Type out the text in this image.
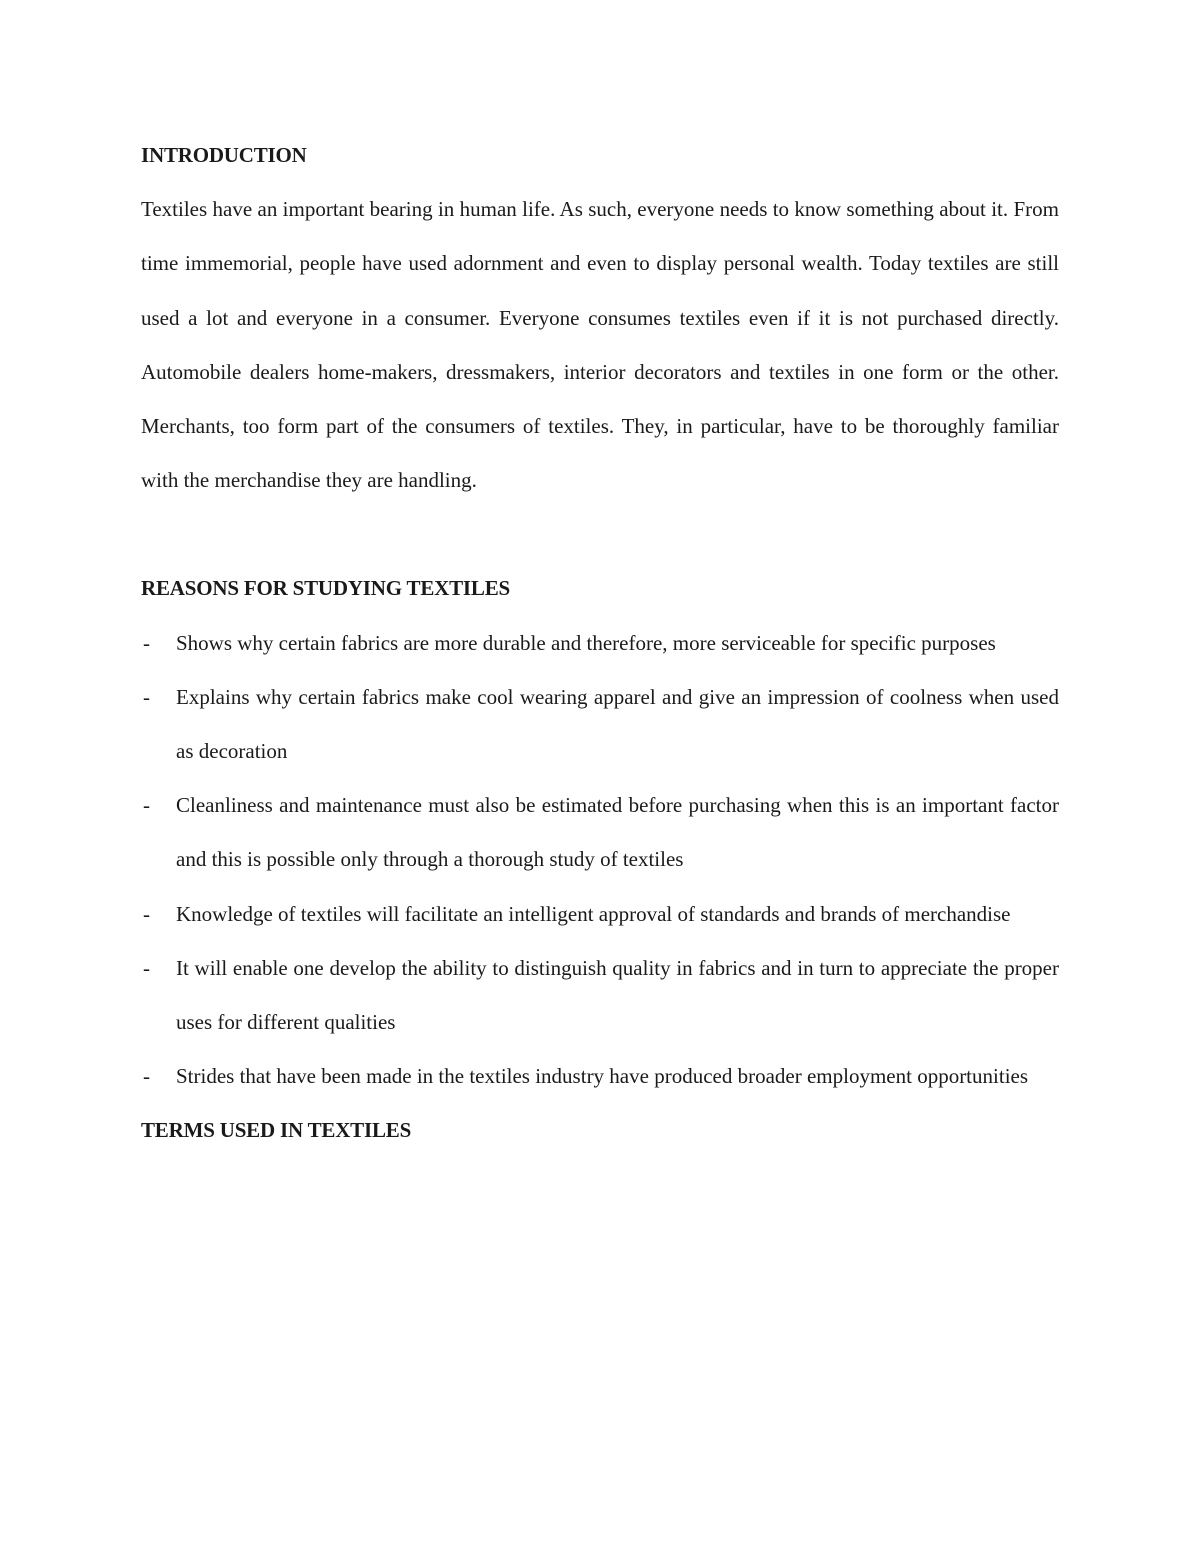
INTRODUCTION

Textiles have an important bearing in human life. As such, everyone needs to know something about it. From time immemorial, people have used adornment and even to display personal wealth. Today textiles are still used a lot and everyone in a consumer. Everyone consumes textiles even if it is not purchased directly. Automobile dealers home-makers, dressmakers, interior decorators and textiles in one form or the other. Merchants, too form part of the consumers of textiles. They, in particular, have to be thoroughly familiar with the merchandise they are handling.

REASONS FOR STUDYING TEXTILES

- Shows why certain fabrics are more durable and therefore, more serviceable for specific purposes
- Explains why certain fabrics make cool wearing apparel and give an impression of coolness when used as decoration
- Cleanliness and maintenance must also be estimated before purchasing when this is an important factor and this is possible only through a thorough study of textiles
- Knowledge of textiles will facilitate an intelligent approval of standards and brands of merchandise
- It will enable one develop the ability to distinguish quality in fabrics and in turn to appreciate the proper uses for different qualities
- Strides that have been made in the textiles industry have produced broader employment opportunities

TERMS USED IN TEXTILES
